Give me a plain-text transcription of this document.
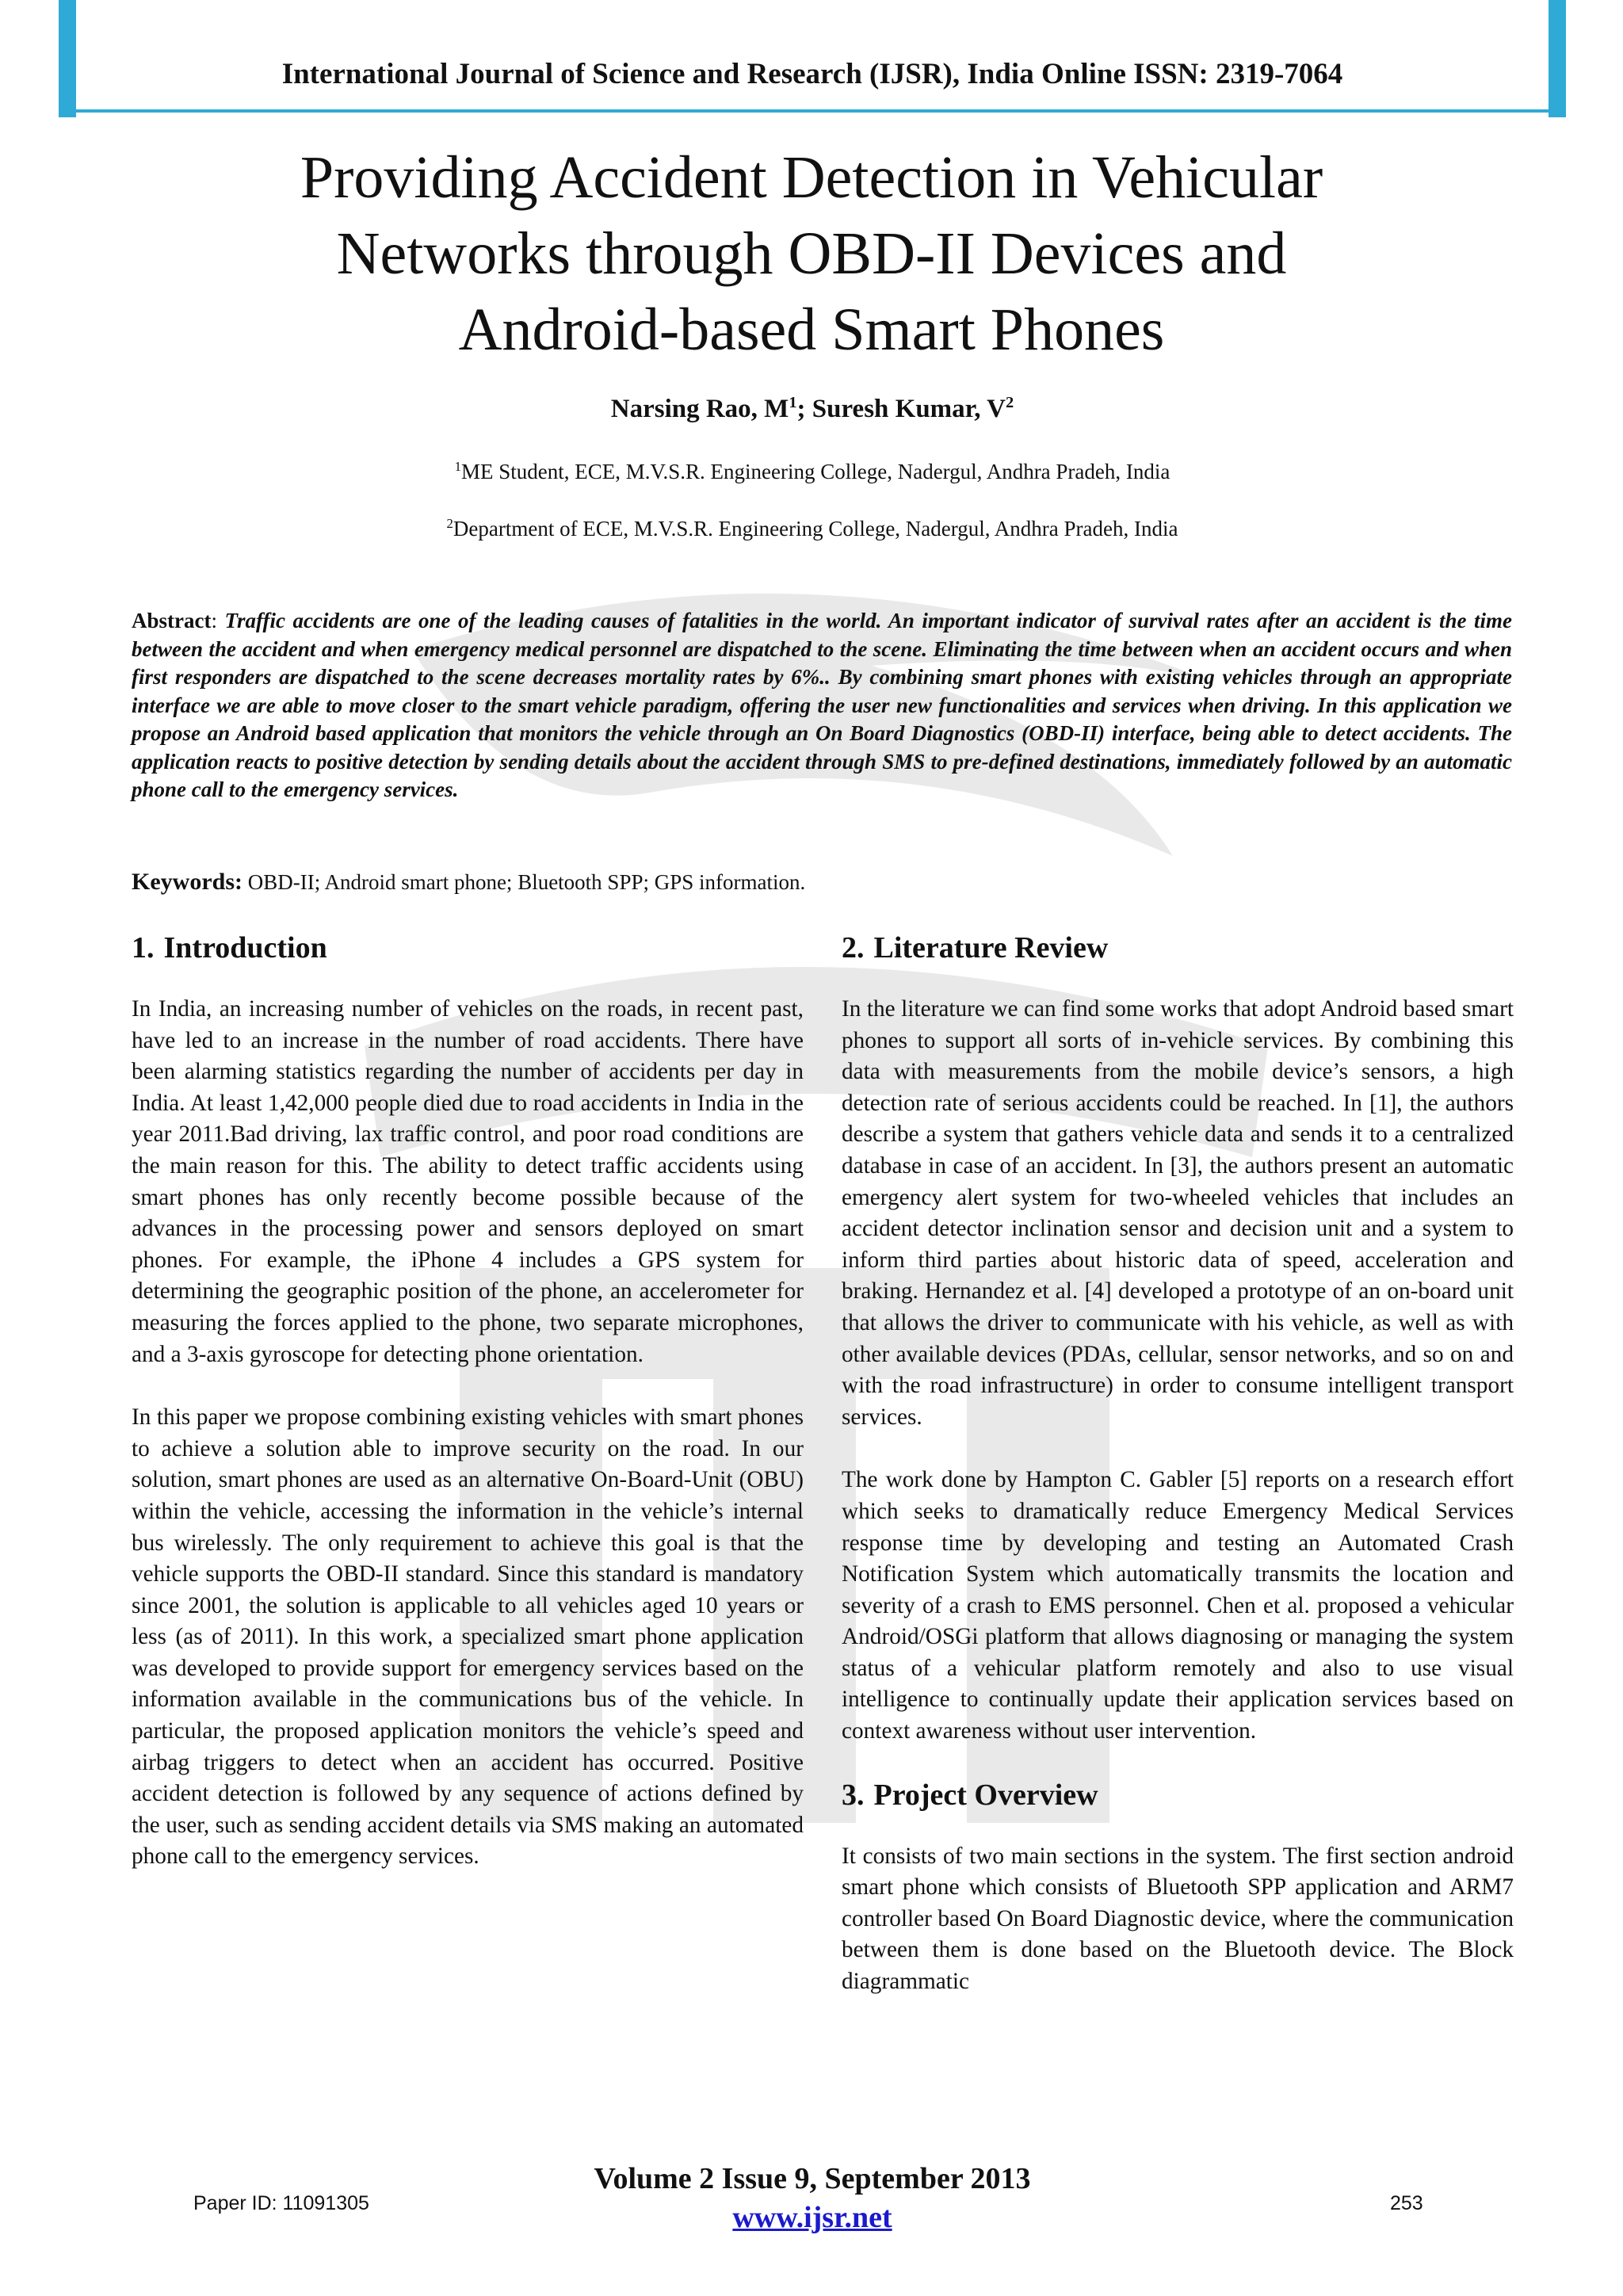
International Journal of Science and Research (IJSR), India Online ISSN: 2319-7064
Providing Accident Detection in Vehicular
Networks through OBD-II Devices and
Android-based Smart Phones
Narsing Rao, $M^1$; Suresh Kumar, $V^2$
$^1$ME Student, ECE, M.V.S.R. Engineering College, Nadergul, Andhra Pradeh, India
$^2$Department of ECE, M.V.S.R. Engineering College, Nadergul, Andhra Pradeh, India

Abstract: Traffic accidents are one of the leading causes of fatalities in the world. An important indicator of survival rates after an accident is the time between the accident and when emergency medical personnel are dispatched to the scene. Eliminating the time between when an accident occurs and when first responders are dispatched to the scene decreases mortality rates by 6%.. By combining smart phones with existing vehicles through an appropriate interface we are able to move closer to the smart vehicle paradigm, offering the user new functionalities and services when driving. In this application we propose an Android based application that monitors the vehicle through an On Board Diagnostics (OBD-II) interface, being able to detect accidents. The application reacts to positive detection by sending details about the accident through SMS to pre-defined destinations, immediately followed by an automatic phone call to the emergency services.

Keywords: OBD-II; Android smart phone; Bluetooth SPP; GPS information.
1. Introduction

In India, an increasing number of vehicles on the roads, in recent past, have led to an increase in the number of road accidents. There have been alarming statistics regarding the number of accidents per day in India. At least 1,42,000 people died due to road accidents in India in the year 2011.Bad driving, lax traffic control, and poor road conditions are the main reason for this. The ability to detect traffic accidents using smart phones has only recently become possible because of the advances in the processing power and sensors deployed on smart phones. For example, the iPhone 4 includes a GPS system for determining the geographic position of the phone, an accelerometer for measuring the forces applied to the phone, two separate microphones, and a 3-axis gyroscope for detecting phone orientation.

In this paper we propose combining existing vehicles with smart phones to achieve a solution able to improve security on the road. In our solution, smart phones are used as an alternative On-Board-Unit (OBU) within the vehicle, accessing the information in the vehicle’s internal bus wirelessly. The only requirement to achieve this goal is that the vehicle supports the OBD-II standard. Since this standard is mandatory since 2001, the solution is applicable to all vehicles aged 10 years or less (as of 2011). In this work, a specialized smart phone application was developed to provide support for emergency services based on the information available in the communications bus of the vehicle. In particular, the proposed application monitors the vehicle’s speed and airbag triggers to detect when an accident has occurred. Positive accident detection is followed by any sequence of actions defined by the user, such as sending accident details via SMS making an automated phone call to the emergency services.

2. Literature Review

In the literature we can find some works that adopt Android based smart phones to support all sorts of in-vehicle services. By combining this data with measurements from the mobile device’s sensors, a high detection rate of serious accidents could be reached. In [1], the authors describe a system that gathers vehicle data and sends it to a centralized database in case of an accident. In [3], the authors present an automatic emergency alert system for two-wheeled vehicles that includes an accident detector inclination sensor and decision unit and a system to inform third parties about historic data of speed, acceleration and braking. Hernandez et al. [4] developed a prototype of an on-board unit that allows the driver to communicate with his vehicle, as well as with other available devices (PDAs, cellular, sensor networks, and so on and with the road infrastructure) in order to consume intelligent transport services.

The work done by Hampton C. Gabler [5] reports on a research effort which seeks to dramatically reduce Emergency Medical Services response time by developing and testing an Automated Crash Notification System which automatically transmits the location and severity of a crash to EMS personnel. Chen et al. proposed a vehicular Android/OSGi platform that allows diagnosing or managing the system status of a vehicular platform remotely and also to use visual intelligence to continually update their application services based on context awareness without user intervention.

3. Project Overview

It consists of two main sections in the system. The first section android smart phone which consists of Bluetooth SPP application and ARM7 controller based On Board Diagnostic device, where the communication between them is done based on the Bluetooth device. The Block diagrammatic

Volume 2 Issue 9, September 2013
www.ijsr.net
Paper ID: 11091305	253
